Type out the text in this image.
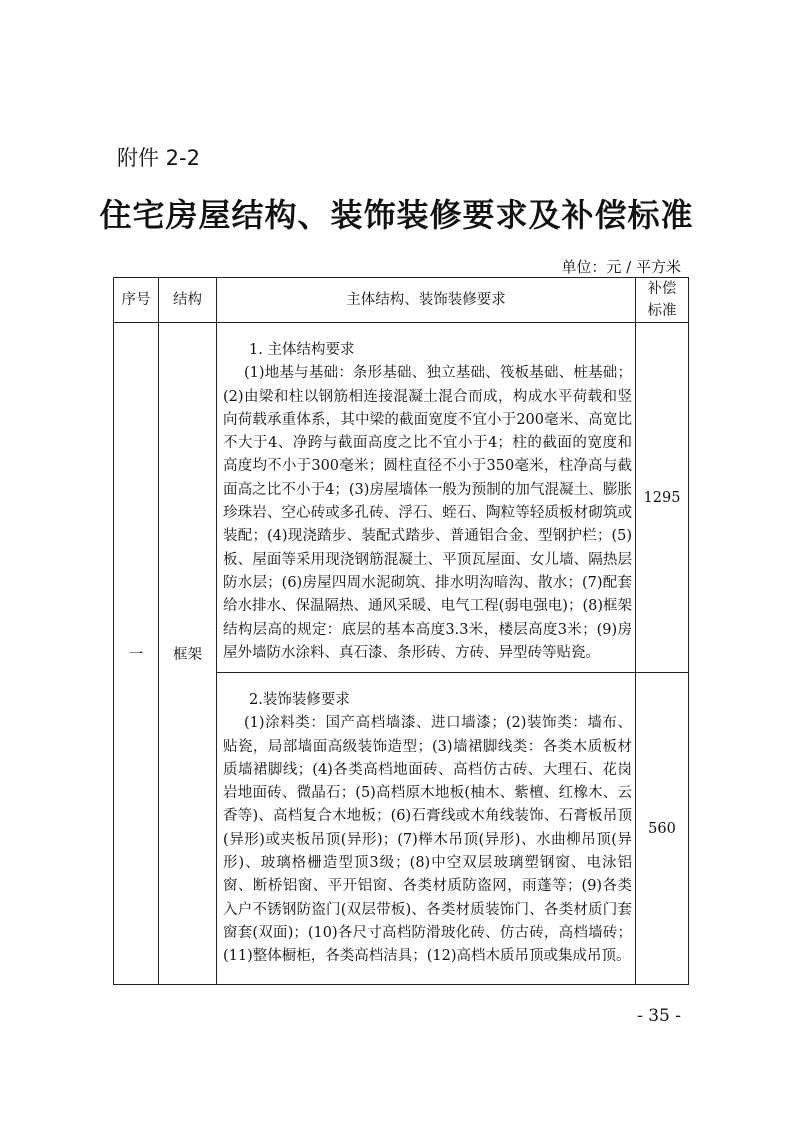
附件 2-2
住宅房屋结构、装饰装修要求及补偿标准
单位：元 / 平方米
序号	结构	主体结构、装饰装修要求	补偿标准

一	框架	1. 主体结构要求
(1)地基与基础：条形基础、独立基础、筏板基础、桩基础；(2)由梁和柱以钢筋相连接混凝土混合而成，构成水平荷载和竖向荷载承重体系，其中梁的截面宽度不宜小于200毫米、高宽比不大于4、净跨与截面高度之比不宜小于4；柱的截面的宽度和高度均不小于300毫米；圆柱直径不小于350毫米，柱净高与截面高之比不小于4；(3)房屋墙体一般为预制的加气混凝土、膨胀珍珠岩、空心砖或多孔砖、浮石、蛭石、陶粒等轻质板材砌筑或装配；(4)现浇踏步、装配式踏步、普通铝合金、型钢护栏；(5)板、屋面等采用现浇钢筋混凝土、平顶瓦屋面、女儿墙、隔热层防水层；(6)房屋四周水泥砌筑、排水明沟暗沟、散水；(7)配套给水排水、保温隔热、通风采暖、电气工程(弱电强电)；(8)框架结构层高的规定：底层的基本高度3.3米，楼层高度3米；(9)房屋外墙防水涂料、真石漆、条形砖、方砖、异型砖等贴瓷。	1295

		2.装饰装修要求
(1)涂料类：国产高档墙漆、进口墙漆；(2)装饰类：墙布、贴瓷，局部墙面高级装饰造型；(3)墙裙脚线类：各类木质板材质墙裙脚线；(4)各类高档地面砖、高档仿古砖、大理石、花岗岩地面砖、微晶石；(5)高档原木地板(柚木、紫檀、红橡木、云香等)、高档复合木地板；(6)石膏线或木角线装饰、石膏板吊顶(异形)或夹板吊顶(异形)；(7)榉木吊顶(异形)、水曲柳吊顶(异形)、玻璃格栅造型顶3级；(8)中空双层玻璃塑钢窗、电泳铝窗、断桥铝窗、平开铝窗、各类材质防盗网，雨蓬等；(9)各类入户不锈钢防盗门(双层带板)、各类材质装饰门、各类材质门套窗套(双面)；(10)各尺寸高档防滑玻化砖、仿古砖，高档墙砖；(11)整体橱柜，各类高档洁具；(12)高档木质吊顶或集成吊顶。	560
- 35 -
